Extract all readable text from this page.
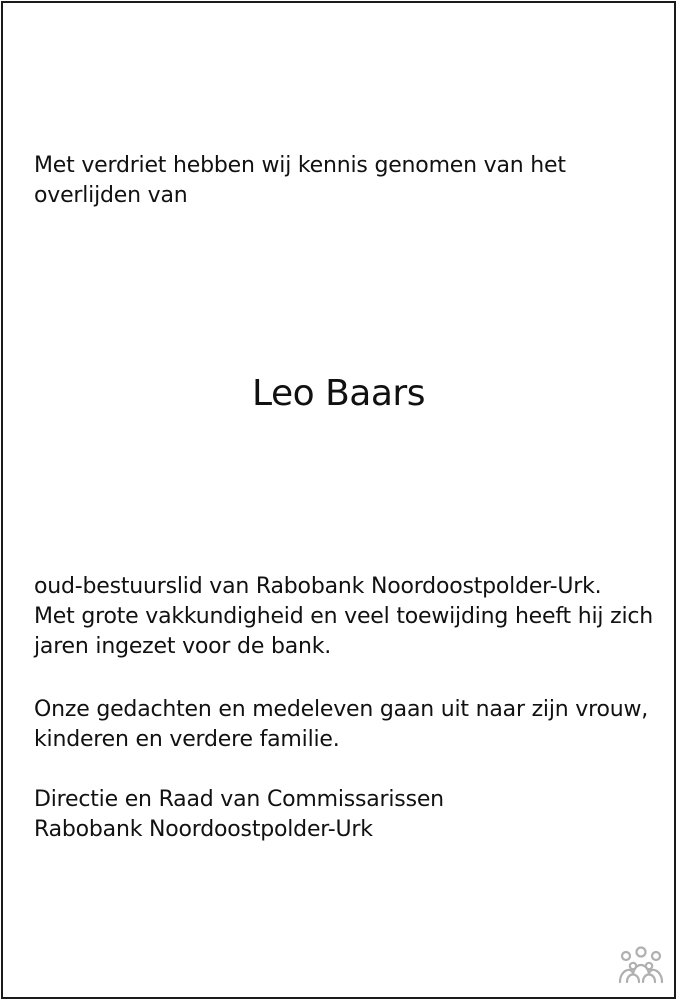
Met verdriet hebben wij kennis genomen van het
overlijden van
Leo Baars
oud-bestuurslid van Rabobank Noordoostpolder-Urk.
Met grote vakkundigheid en veel toewijding heeft hij zich
jaren ingezet voor de bank.
Onze gedachten en medeleven gaan uit naar zijn vrouw,
kinderen en verdere familie.
Directie en Raad van Commissarissen
Rabobank Noordoostpolder-Urk
